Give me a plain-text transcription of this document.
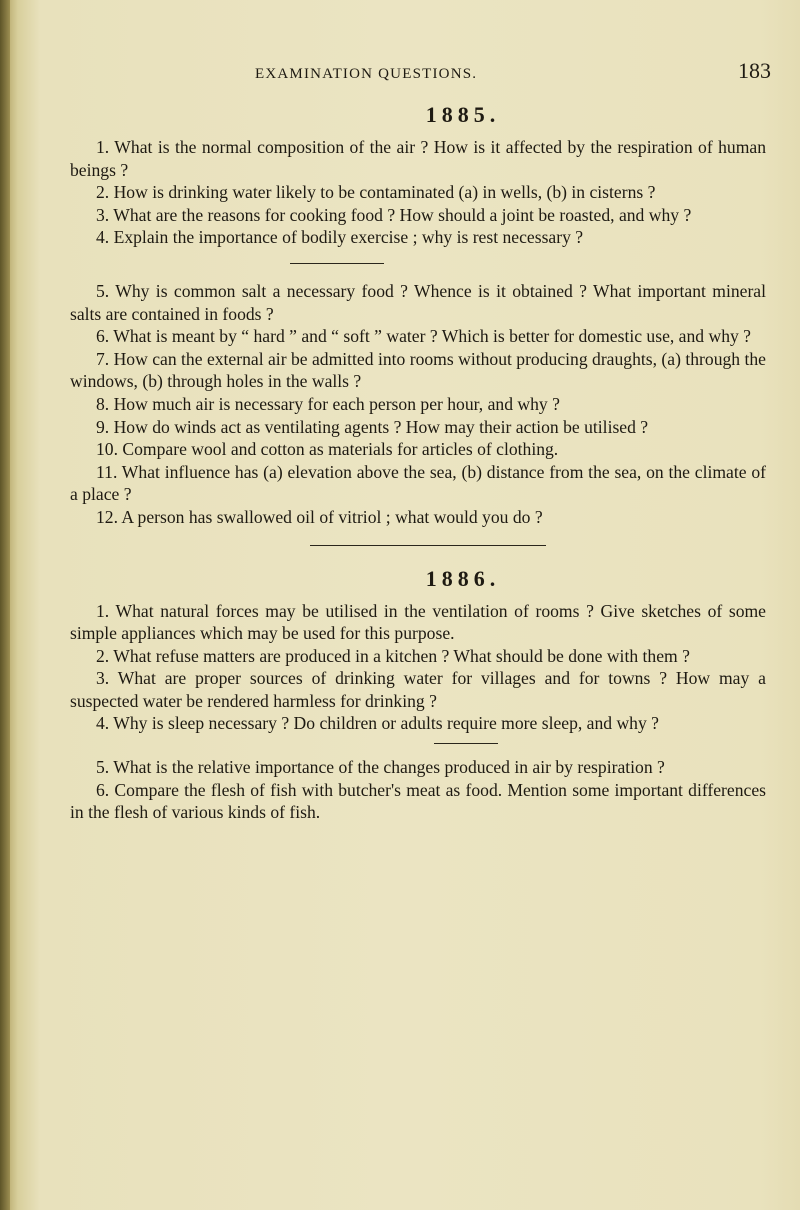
EXAMINATION QUESTIONS.	183
1885.

1. What is the normal composition of the air ? How is it affected by the respiration of human beings ?

2. How is drinking water likely to be contaminated (a) in wells, (b) in cisterns ?

3. What are the reasons for cooking food ? How should a joint be roasted, and why ?

4. Explain the importance of bodily exercise ; why is rest necessary ?

5. Why is common salt a necessary food ? Whence is it obtained ? What important mineral salts are contained in foods ?

6. What is meant by “ hard ” and “ soft ” water ? Which is better for domestic use, and why ?

7. How can the external air be admitted into rooms without producing draughts, (a) through the windows, (b) through holes in the walls ?

8. How much air is necessary for each person per hour, and why ?

9. How do winds act as ventilating agents ? How may their action be utilised ?

10. Compare wool and cotton as materials for articles of clothing.

11. What influence has (a) elevation above the sea, (b) distance from the sea, on the climate of a place ?

12. A person has swallowed oil of vitriol ; what would you do ?

1886.

1. What natural forces may be utilised in the ventilation of rooms ? Give sketches of some simple appliances which may be used for this purpose.

2. What refuse matters are produced in a kitchen ? What should be done with them ?

3. What are proper sources of drinking water for villages and for towns ? How may a suspected water be rendered harmless for drinking ?

4. Why is sleep necessary ? Do children or adults require more sleep, and why ?

5. What is the relative importance of the changes produced in air by respiration ?

6. Compare the flesh of fish with butcher's meat as food. Mention some important differences in the flesh of various kinds of fish.
